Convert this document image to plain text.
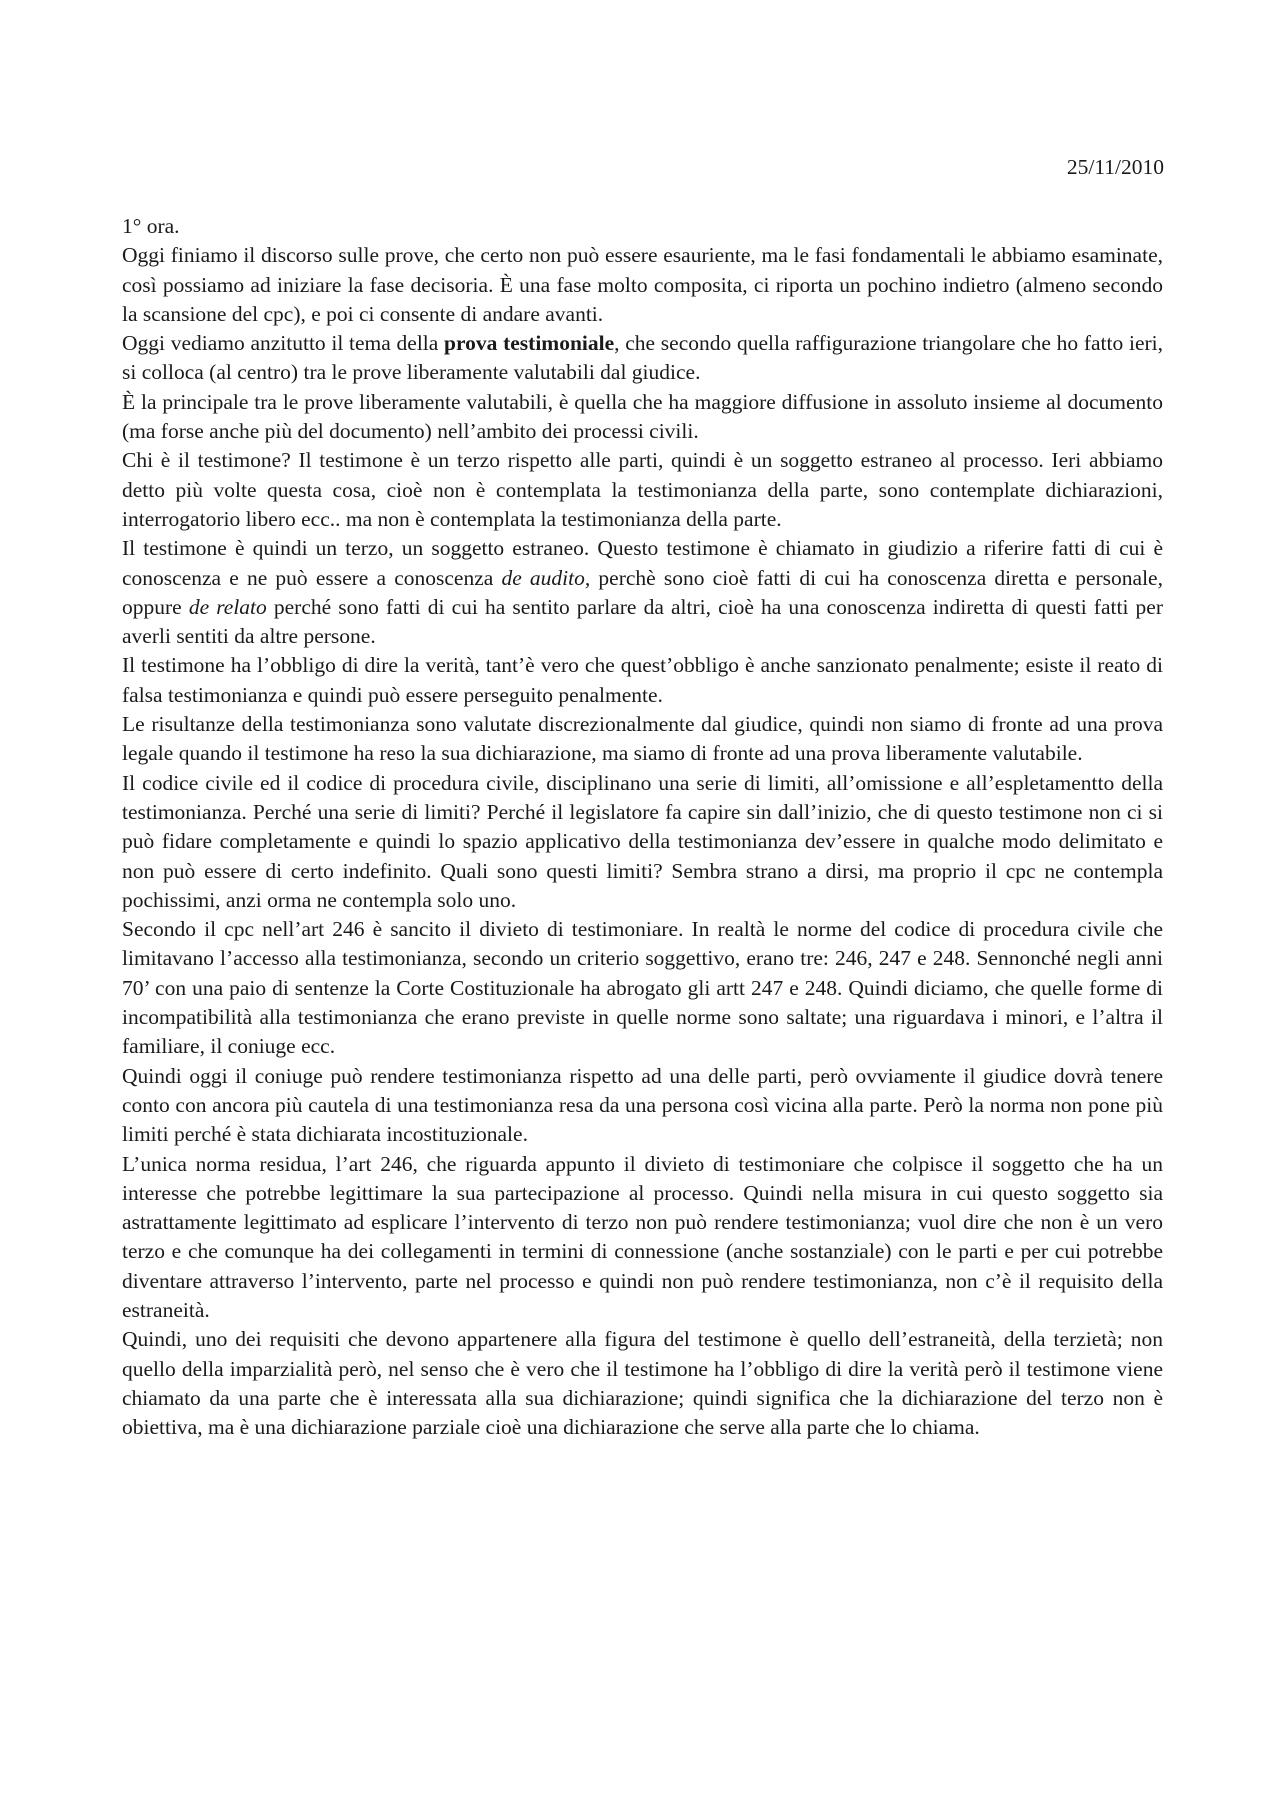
25/11/2010

1° ora.

Oggi finiamo il discorso sulle prove, che certo non può essere esauriente, ma le fasi fondamentali le abbiamo esaminate, così possiamo ad iniziare la fase decisoria. È una fase molto composita, ci riporta un pochino indietro (almeno secondo la scansione del cpc), e poi ci consente di andare avanti.

Oggi vediamo anzitutto il tema della prova testimoniale, che secondo quella raffigurazione triangolare che ho fatto ieri, si colloca (al centro) tra le prove liberamente valutabili dal giudice.

È la principale tra le prove liberamente valutabili, è quella che ha maggiore diffusione in assoluto insieme al documento (ma forse anche più del documento) nell’ambito dei processi civili.

Chi è il testimone? Il testimone è un terzo rispetto alle parti, quindi è un soggetto estraneo al processo. Ieri abbiamo detto più volte questa cosa, cioè non è contemplata la testimonianza della parte, sono contemplate dichiarazioni, interrogatorio libero ecc.. ma non è contemplata la testimonianza della parte.

Il testimone è quindi un terzo, un soggetto estraneo. Questo testimone è chiamato in giudizio a riferire fatti di cui è conoscenza e ne può essere a conoscenza de audito, perchè sono cioè fatti di cui ha conoscenza diretta e personale, oppure de relato perché sono fatti di cui ha sentito parlare da altri, cioè ha una conoscenza indiretta di questi fatti per averli sentiti da altre persone.

Il testimone ha l’obbligo di dire la verità, tant’è vero che quest’obbligo è anche sanzionato penalmente; esiste il reato di falsa testimonianza e quindi può essere perseguito penalmente.

Le risultanze della testimonianza sono valutate discrezionalmente dal giudice, quindi non siamo di fronte ad una prova legale quando il testimone ha reso la sua dichiarazione, ma siamo di fronte ad una prova liberamente valutabile.

Il codice civile ed il codice di procedura civile, disciplinano una serie di limiti, all’omissione e all’espletamentto della testimonianza. Perché una serie di limiti? Perché il legislatore fa capire sin dall’inizio, che di questo testimone non ci si può fidare completamente e quindi lo spazio applicativo della testimonianza dev’essere in qualche modo delimitato e non può essere di certo indefinito. Quali sono questi limiti? Sembra strano a dirsi, ma proprio il cpc ne contempla pochissimi, anzi orma ne contempla solo uno.

Secondo il cpc nell’art 246 è sancito il divieto di testimoniare. In realtà le norme del codice di procedura civile che limitavano l’accesso alla testimonianza, secondo un criterio soggettivo, erano tre: 246, 247 e 248. Sennonché negli anni 70’ con una paio di sentenze la Corte Costituzionale ha abrogato gli artt 247 e 248. Quindi diciamo, che quelle forme di incompatibilità alla testimonianza che erano previste in quelle norme sono saltate; una riguardava i minori, e l’altra il familiare, il coniuge ecc.

Quindi oggi il coniuge può rendere testimonianza rispetto ad una delle parti, però ovviamente il giudice dovrà tenere conto con ancora più cautela di una testimonianza resa da una persona così vicina alla parte. Però la norma non pone più limiti perché è stata dichiarata incostituzionale.

L’unica norma residua, l’art 246, che riguarda appunto il divieto di testimoniare che colpisce il soggetto che ha un interesse che potrebbe legittimare la sua partecipazione al processo. Quindi nella misura in cui questo soggetto sia astrattamente legittimato ad esplicare l’intervento di terzo non può rendere testimonianza; vuol dire che non è un vero terzo e che comunque ha dei collegamenti in termini di connessione (anche sostanziale) con le parti e per cui potrebbe diventare attraverso l’intervento, parte nel processo e quindi non può rendere testimonianza, non c’è il requisito della estraneità.

Quindi, uno dei requisiti che devono appartenere alla figura del testimone è quello dell’estraneità, della terzietà; non quello della imparzialità però, nel senso che è vero che il testimone ha l’obbligo di dire la verità però il testimone viene chiamato da una parte che è interessata alla sua dichiarazione; quindi significa che la dichiarazione del terzo non è obiettiva, ma è una dichiarazione parziale cioè una dichiarazione che serve alla parte che lo chiama.
